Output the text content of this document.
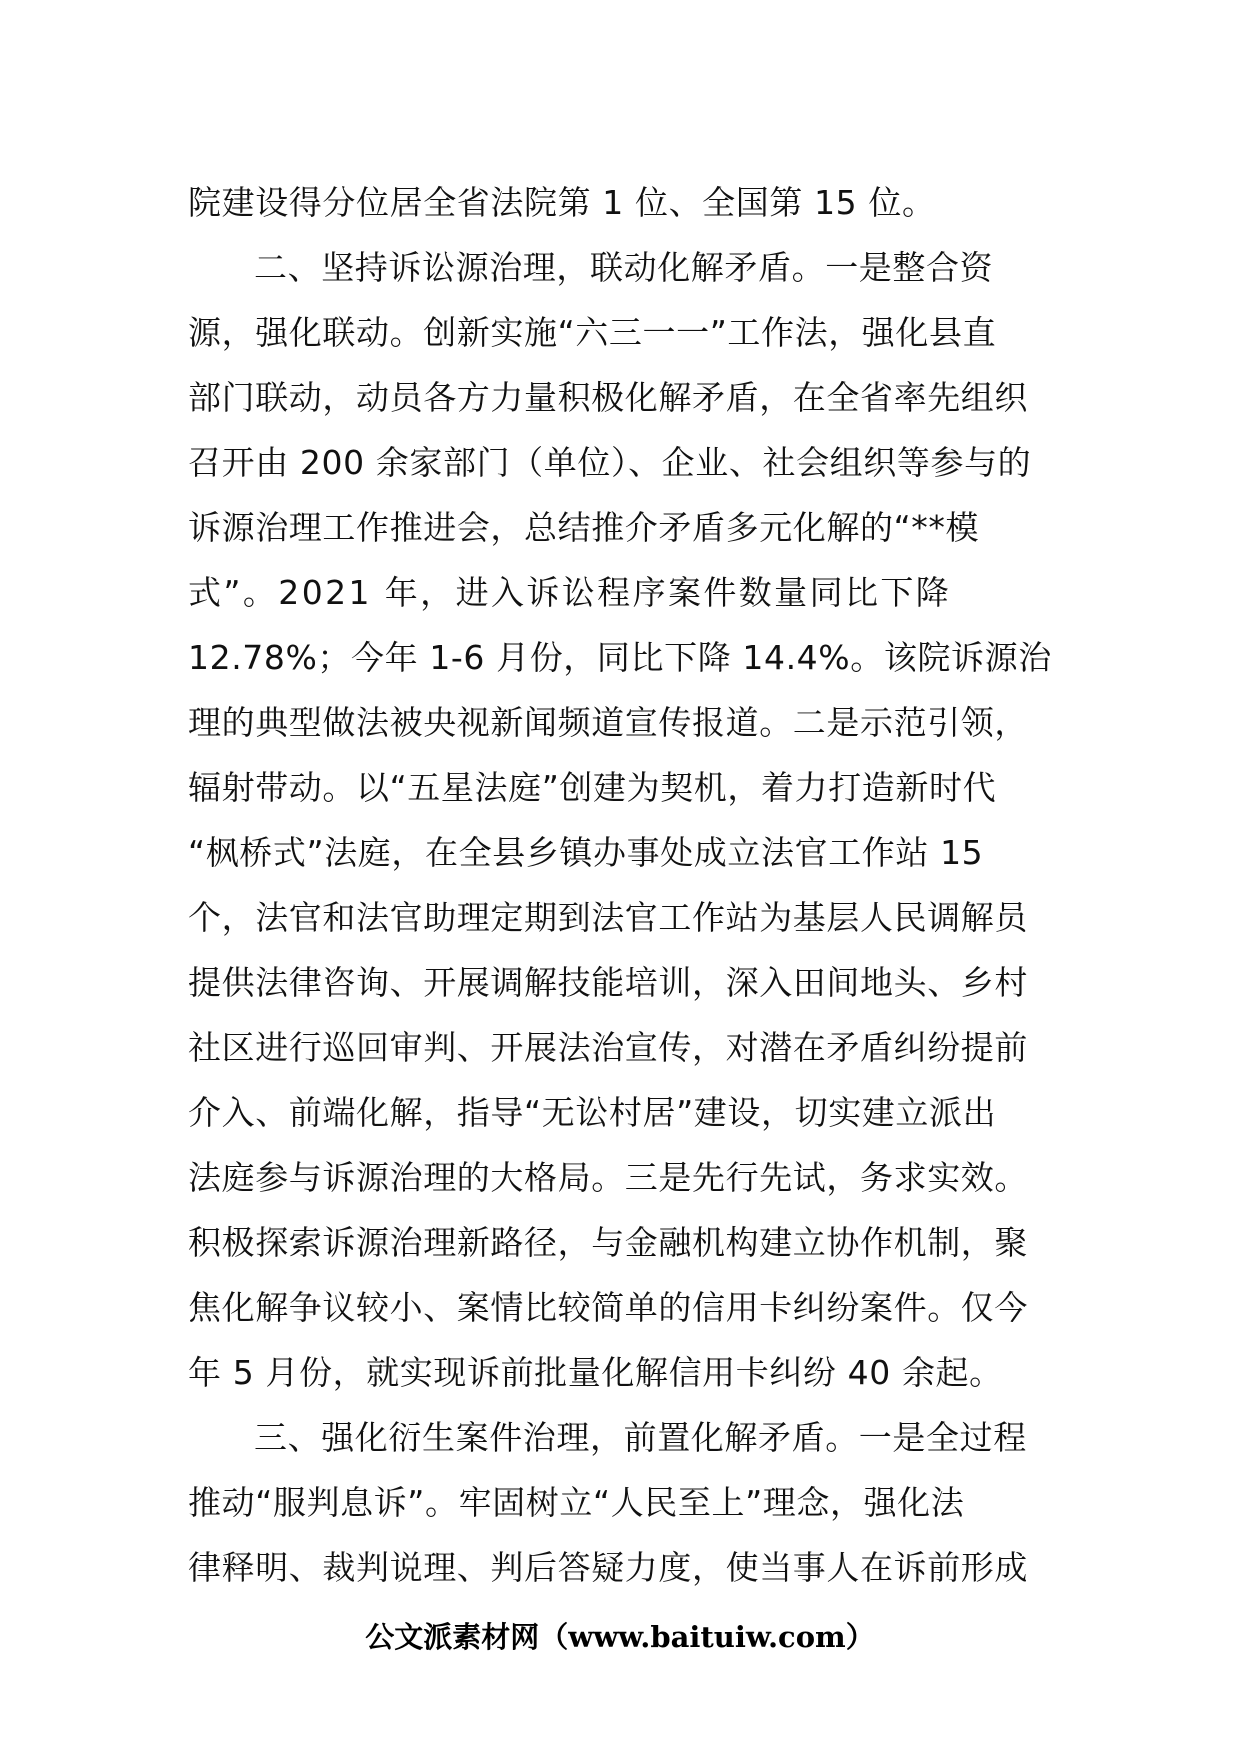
院建设得分位居全省法院第 1 位、全国第 15 位。
二、坚持诉讼源治理，联动化解矛盾。一是整合资
源，强化联动。创新实施“六三一一”工作法，强化县直
部门联动，动员各方力量积极化解矛盾，在全省率先组织
召开由 200 余家部门（单位）、企业、社会组织等参与的
诉源治理工作推进会，总结推介矛盾多元化解的“**模
式”。2021 年，进入诉讼程序案件数量同比下降
12.78%；今年 1-6 月份，同比下降 14.4%。该院诉源治
理的典型做法被央视新闻频道宣传报道。二是示范引领，
辐射带动。以“五星法庭”创建为契机，着力打造新时代
“枫桥式”法庭，在全县乡镇办事处成立法官工作站 15
个，法官和法官助理定期到法官工作站为基层人民调解员
提供法律咨询、开展调解技能培训，深入田间地头、乡村
社区进行巡回审判、开展法治宣传，对潜在矛盾纠纷提前
介入、前端化解，指导“无讼村居”建设，切实建立派出
法庭参与诉源治理的大格局。三是先行先试，务求实效。
积极探索诉源治理新路径，与金融机构建立协作机制，聚
焦化解争议较小、案情比较简单的信用卡纠纷案件。仅今
年 5 月份，就实现诉前批量化解信用卡纠纷 40 余起。
三、强化衍生案件治理，前置化解矛盾。一是全过程
推动“服判息诉”。牢固树立“人民至上”理念，强化法
律释明、裁判说理、判后答疑力度，使当事人在诉前形成
公文派素材网（www.baituiw.com）
